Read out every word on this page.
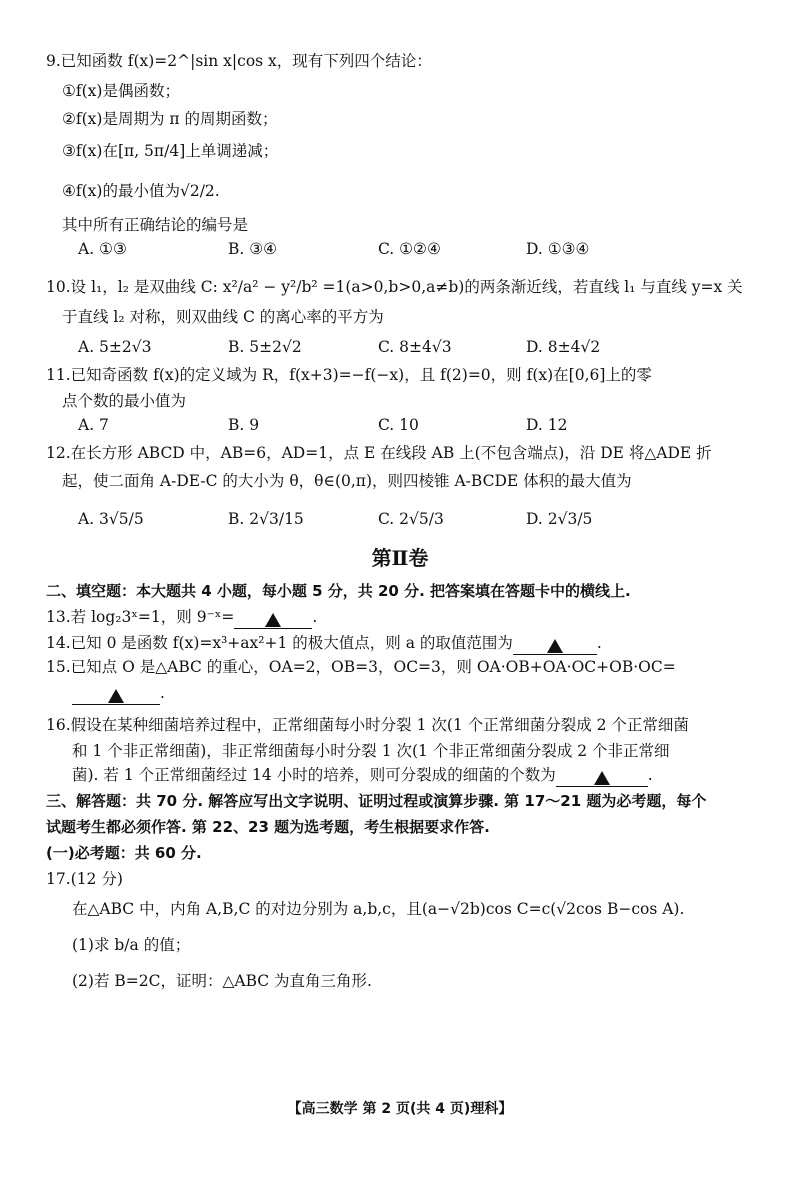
9.已知函数 f(x)=2^|sin x|cos x，现有下列四个结论：
①f(x)是偶函数；
②f(x)是周期为 π 的周期函数；
③f(x)在[π, 5π/4]上单调递减；
④f(x)的最小值为√2/2.
其中所有正确结论的编号是
A. ①③	B. ③④	C. ①②④	D. ①③④
10.设 l₁，l₂ 是双曲线 C: x²/a² − y²/b² =1(a>0,b>0,a≠b)的两条渐近线，若直线 l₁ 与直线 y=x 关
于直线 l₂ 对称，则双曲线 C 的离心率的平方为
A. 5±2√3	B. 5±2√2	C. 8±4√3	D. 8±4√2
11.已知奇函数 f(x)的定义域为 R，f(x+3)=−f(−x)，且 f(2)=0，则 f(x)在[0,6]上的零
点个数的最小值为
A. 7	B. 9	C. 10	D. 12
12.在长方形 ABCD 中，AB=6，AD=1，点 E 在线段 AB 上(不包含端点)，沿 DE 将△ADE 折
起，使二面角 A-DE-C 的大小为 θ，θ∈(0,π)，则四棱锥 A-BCDE 体积的最大值为
A. 3√5/5	B. 2√3/15	C. 2√5/3	D. 2√3/5
第Ⅱ卷
二、填空题：本大题共 4 小题，每小题 5 分，共 20 分. 把答案填在答题卡中的横线上.
13.若 log₂3ˣ=1，则 9⁻ˣ=	.
14.已知 0 是函数 f(x)=x³+ax²+1 的极大值点，则 a 的取值范围为	.
15.已知点 O 是△ABC 的重心，OA=2，OB=3，OC=3，则 OA·OB+OA·OC+OB·OC=
.
16.假设在某种细菌培养过程中，正常细菌每小时分裂 1 次(1 个正常细菌分裂成 2 个正常细菌
和 1 个非正常细菌)，非正常细菌每小时分裂 1 次(1 个非正常细菌分裂成 2 个非正常细
菌). 若 1 个正常细菌经过 14 小时的培养，则可分裂成的细菌的个数为	.
三、解答题：共 70 分. 解答应写出文字说明、证明过程或演算步骤. 第 17～21 题为必考题，每个
试题考生都必须作答. 第 22、23 题为选考题，考生根据要求作答.
(一)必考题：共 60 分.
17.(12 分)
在△ABC 中，内角 A,B,C 的对边分别为 a,b,c，且(a−√2b)cos C=c(√2cos B−cos A).
(1)求 b/a 的值；
(2)若 B=2C，证明：△ABC 为直角三角形.
【高三数学 第 2 页(共 4 页)理科】
